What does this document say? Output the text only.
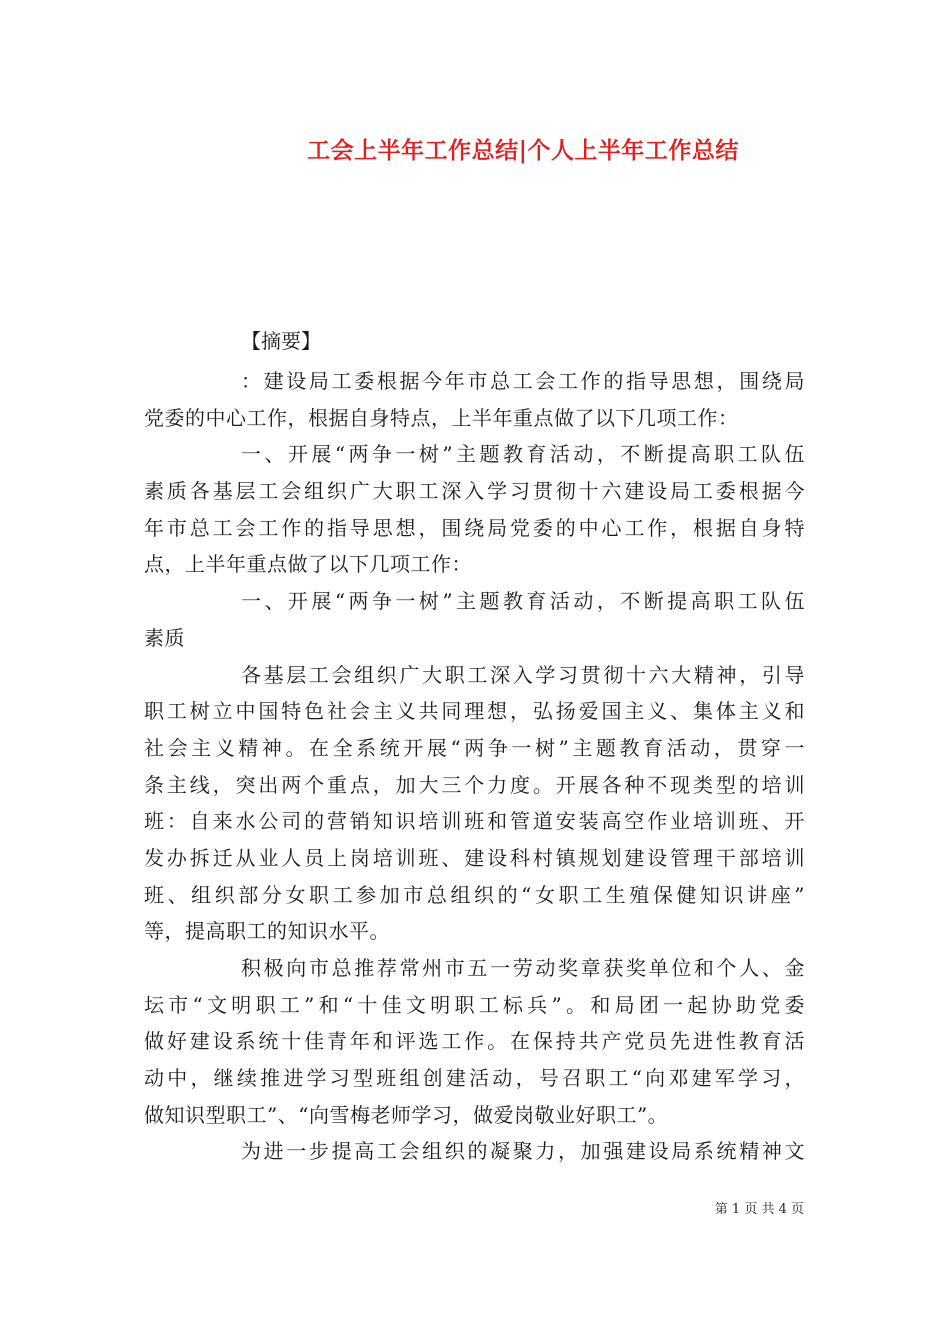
工会上半年工作总结|个人上半年工作总结
【摘要】
：建设局工委根据今年市总工会工作的指导思想，围绕局
党委的中心工作，根据自身特点，上半年重点做了以下几项工作：
一、开展“两争一树”主题教育活动，不断提高职工队伍
素质各基层工会组织广大职工深入学习贯彻十六建设局工委根据今
年市总工会工作的指导思想，围绕局党委的中心工作，根据自身特
点，上半年重点做了以下几项工作：
一、开展“两争一树”主题教育活动，不断提高职工队伍
素质
各基层工会组织广大职工深入学习贯彻十六大精神，引导
职工树立中国特色社会主义共同理想，弘扬爱国主义、集体主义和
社会主义精神。在全系统开展“两争一树”主题教育活动，贯穿一
条主线，突出两个重点，加大三个力度。开展各种不现类型的培训
班：自来水公司的营销知识培训班和管道安装高空作业培训班、开
发办拆迁从业人员上岗培训班、建设科村镇规划建设管理干部培训
班、组织部分女职工参加市总组织的“女职工生殖保健知识讲座”
等，提高职工的知识水平。
积极向市总推荐常州市五一劳动奖章获奖单位和个人、金
坛市“文明职工”和“十佳文明职工标兵”。和局团一起协助党委
做好建设系统十佳青年和评选工作。在保持共产党员先进性教育活
动中，继续推进学习型班组创建活动，号召职工“向邓建军学习，
做知识型职工”、“向雪梅老师学习，做爱岗敬业好职工”。
为进一步提高工会组织的凝聚力，加强建设局系统精神文
第 1 页 共 4 页
